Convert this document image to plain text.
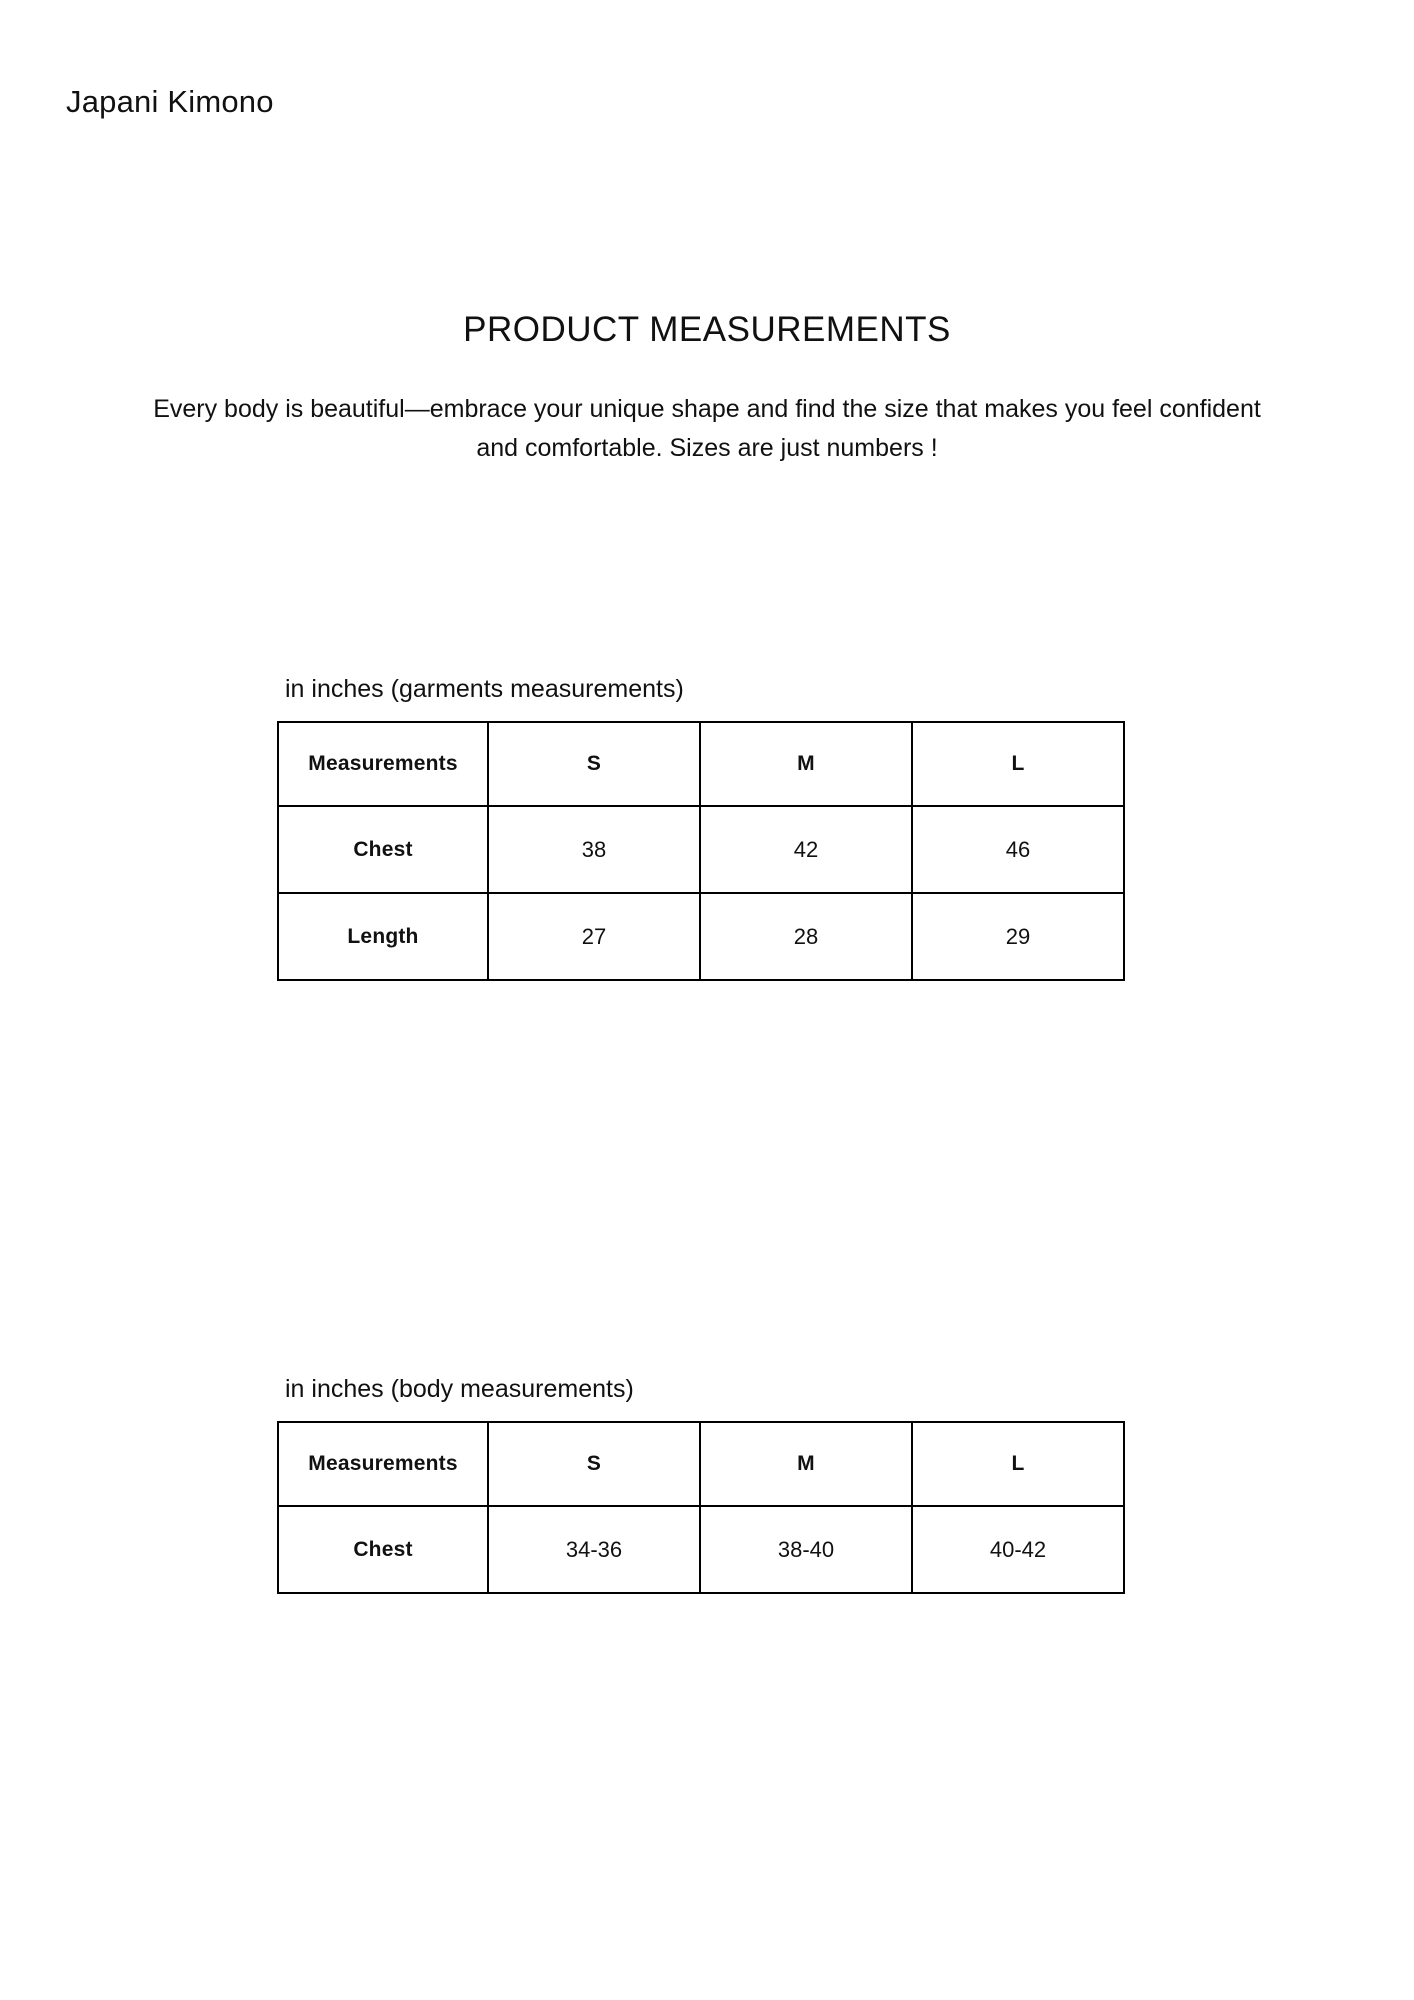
Japani Kimono
PRODUCT MEASUREMENTS
Every body is beautiful—embrace your unique shape and find the size that makes you feel confident and comfortable. Sizes are just numbers !
in inches (garments measurements)
Measurements	S	M	L
Chest	38	42	46
Length	27	28	29
in inches (body measurements)
Measurements	S	M	L
Chest	34-36	38-40	40-42
